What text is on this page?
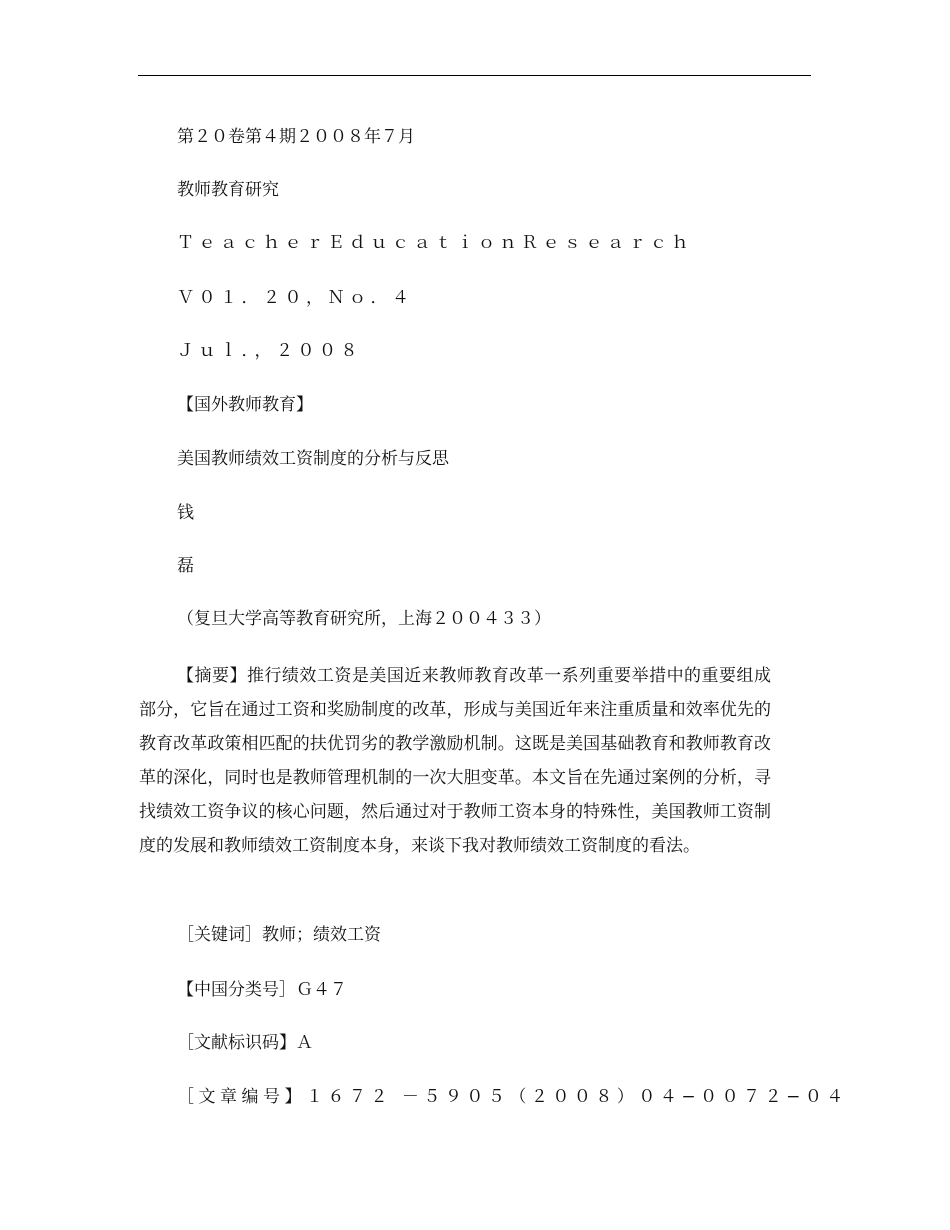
第２０卷第４期２００８年７月
教师教育研究
ＴｅａｃｈｅｒＥｄｕｃａｔｉｏｎＲｅｓｅａｒｃｈ
Ｖ０１．２０，Ｎｏ．４
Ｊｕｌ．，２００８
【国外教师教育】
美国教师绩效工资制度的分析与反思
钱
磊
（复旦大学高等教育研究所，上海２００４３３）

【摘要】推行绩效工资是美国近来教师教育改革一系列重要举措中的重要组成部分，它旨在通过工资和奖励制度的改革，形成与美国近年来注重质量和效率优先的教育改革政策相匹配的扶优罚劣的教学激励机制。这既是美国基础教育和教师教育改革的深化，同时也是教师管理机制的一次大胆变革。本文旨在先通过案例的分析，寻找绩效工资争议的核心问题，然后通过对于教师工资本身的特殊性，美国教师工资制度的发展和教师绩效工资制度本身，来谈下我对教师绩效工资制度的看法。

［关键词］教师；绩效工资
【中国分类号］Ｇ４７
［文献标识码】Ａ
［文章编号】１６７２ －５９０５（２００８）０４−００７２−０４
